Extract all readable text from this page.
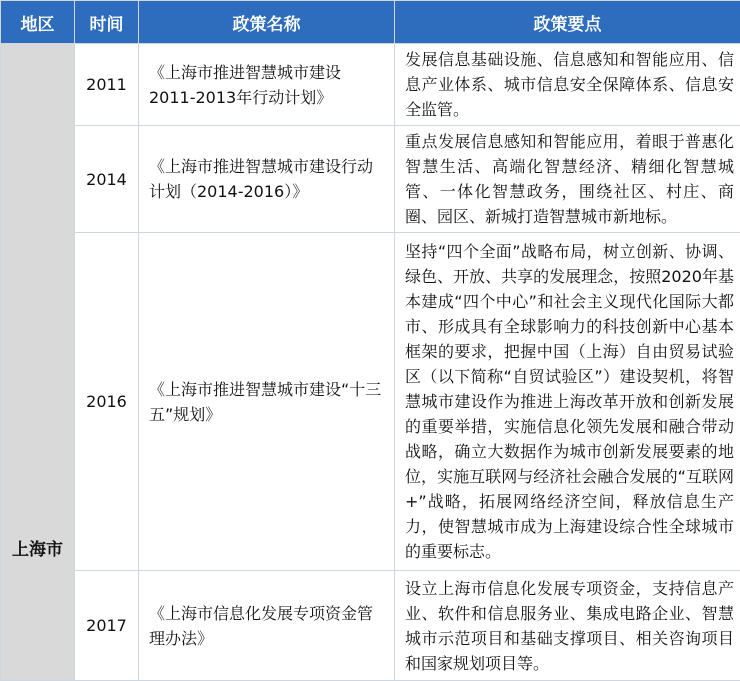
地区	时间	政策名称	政策要点
上海市	2011	《上海市推进智慧城市建设2011-2013年行动计划》	发展信息基础设施、信息感知和智能应用、信息产业体系、城市信息安全保障体系、信息安全监管。
	2014	《上海市推进智慧城市建设行动计划（2014-2016）》	重点发展信息感知和智能应用，着眼于普惠化智慧生活、高端化智慧经济、精细化智慧城管、一体化智慧政务，围绕社区、村庄、商圈、园区、新城打造智慧城市新地标。
	2016	《上海市推进智慧城市建设“十三五”规划》	坚持“四个全面”战略布局，树立创新、协调、绿色、开放、共享的发展理念，按照2020年基本建成“四个中心”和社会主义现代化国际大都市、形成具有全球影响力的科技创新中心基本框架的要求，把握中国（上海）自由贸易试验区（以下简称“自贸试验区”）建设契机，将智慧城市建设作为推进上海改革开放和创新发展的重要举措，实施信息化领先发展和融合带动战略，确立大数据作为城市创新发展要素的地位，实施互联网与经济社会融合发展的“互联网+”战略，拓展网络经济空间，释放信息生产力，使智慧城市成为上海建设综合性全球城市的重要标志。
	2017	《上海市信息化发展专项资金管理办法》	设立上海市信息化发展专项资金，支持信息产业、软件和信息服务业、集成电路企业、智慧城市示范项目和基础支撑项目、相关咨询项目和国家规划项目等。
